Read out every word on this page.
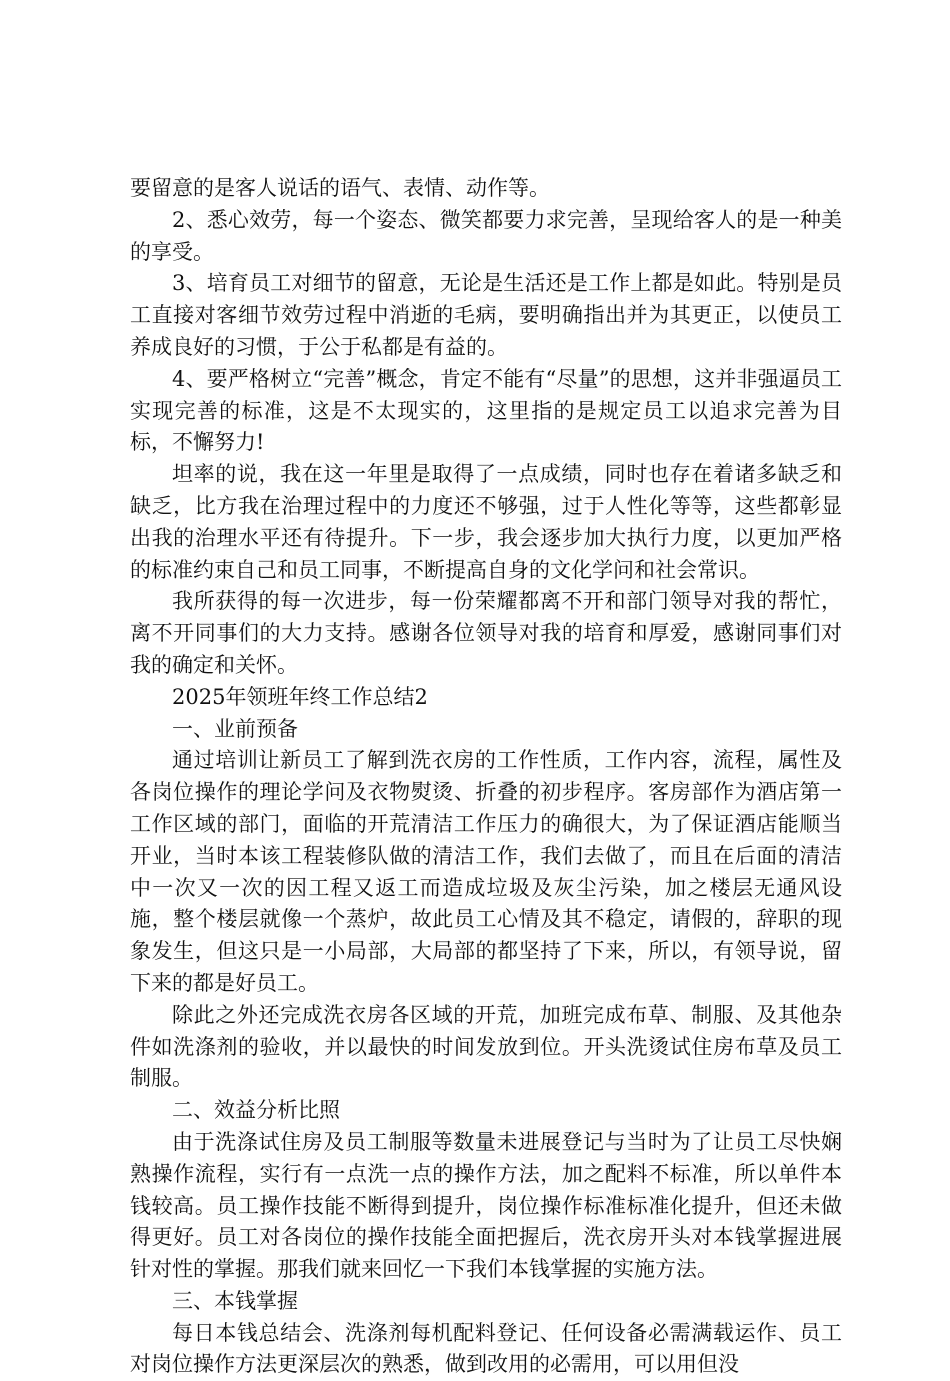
要留意的是客人说话的语气、表情、动作等。

2、悉心效劳，每一个姿态、微笑都要力求完善，呈现给客人的是一种美的享受。

3、培育员工对细节的留意，无论是生活还是工作上都是如此。特别是员工直接对客细节效劳过程中消逝的毛病，要明确指出并为其更正，以使员工养成良好的习惯，于公于私都是有益的。

4、要严格树立“完善”概念，肯定不能有“尽量”的思想，这并非强逼员工实现完善的标准，这是不太现实的，这里指的是规定员工以追求完善为目标，不懈努力!

坦率的说，我在这一年里是取得了一点成绩，同时也存在着诸多缺乏和缺乏，比方我在治理过程中的力度还不够强，过于人性化等等，这些都彰显出我的治理水平还有待提升。下一步，我会逐步加大执行力度，以更加严格的标准约束自己和员工同事，不断提高自身的文化学问和社会常识。

我所获得的每一次进步，每一份荣耀都离不开和部门领导对我的帮忙，离不开同事们的大力支持。感谢各位领导对我的培育和厚爱，感谢同事们对我的确定和关怀。

2025年领班年终工作总结2

一、业前预备

通过培训让新员工了解到洗衣房的工作性质，工作内容，流程，属性及各岗位操作的理论学问及衣物熨烫、折叠的初步程序。客房部作为酒店第一工作区域的部门，面临的开荒清洁工作压力的确很大，为了保证酒店能顺当开业，当时本该工程装修队做的清洁工作，我们去做了，而且在后面的清洁中一次又一次的因工程又返工而造成垃圾及灰尘污染，加之楼层无通风设施，整个楼层就像一个蒸炉，故此员工心情及其不稳定，请假的，辞职的现象发生，但这只是一小局部，大局部的都坚持了下来，所以，有领导说，留下来的都是好员工。

除此之外还完成洗衣房各区域的开荒，加班完成布草、制服、及其他杂件如洗涤剂的验收，并以最快的时间发放到位。开头洗烫试住房布草及员工制服。

二、效益分析比照

由于洗涤试住房及员工制服等数量未进展登记与当时为了让员工尽快娴熟操作流程，实行有一点洗一点的操作方法，加之配料不标准，所以单件本钱较高。员工操作技能不断得到提升，岗位操作标准标准化提升，但还未做得更好。员工对各岗位的操作技能全面把握后，洗衣房开头对本钱掌握进展针对性的掌握。那我们就来回忆一下我们本钱掌握的实施方法。

三、本钱掌握

每日本钱总结会、洗涤剂每机配料登记、任何设备必需满载运作、员工对岗位操作方法更深层次的熟悉，做到改用的必需用，可以用但没
